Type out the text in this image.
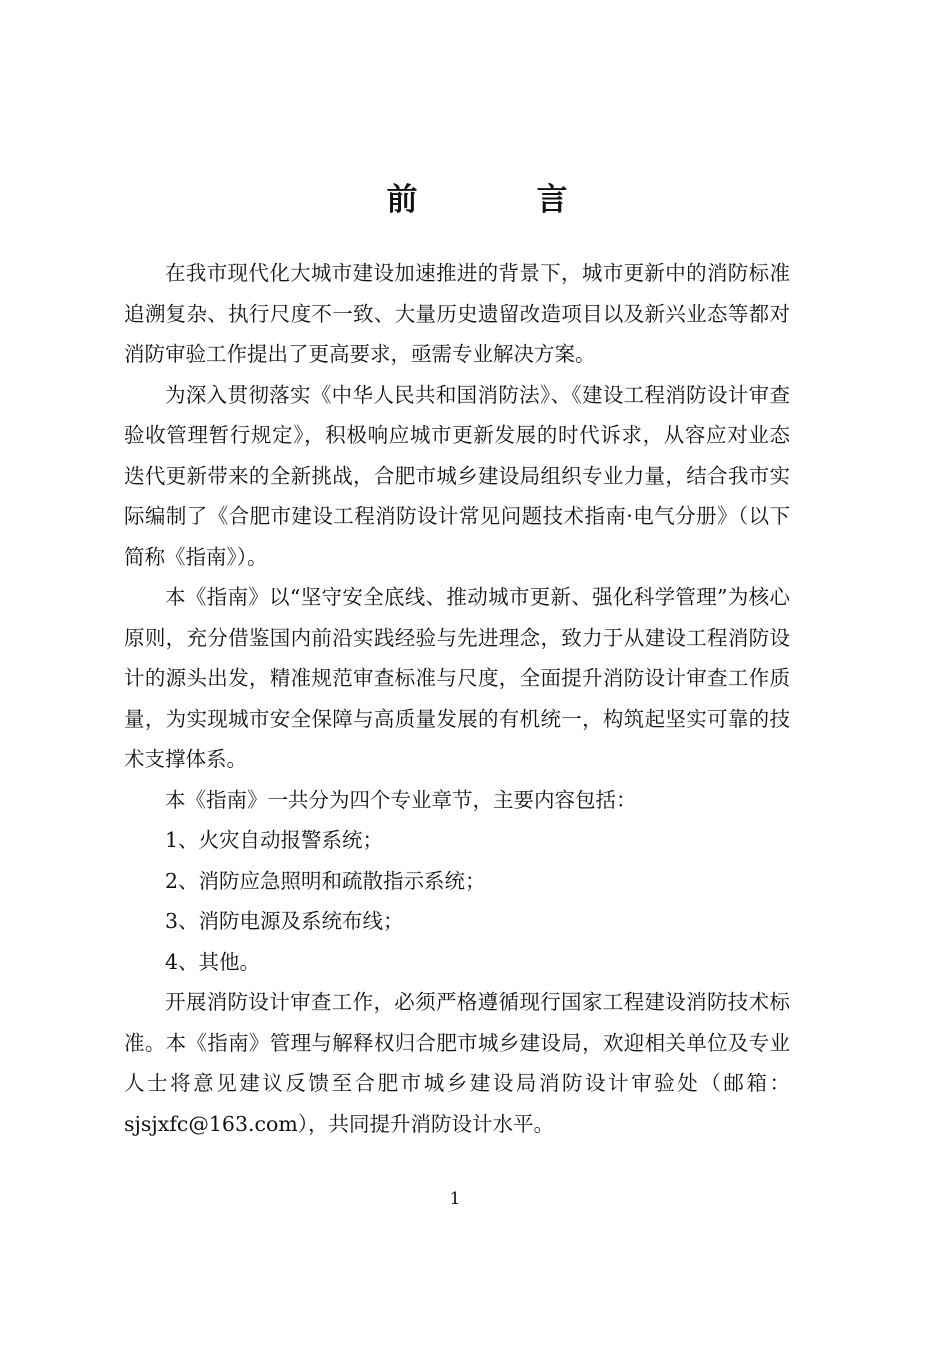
前　言

在我市现代化大城市建设加速推进的背景下，城市更新中的消防标准追溯复杂、执行尺度不一致、大量历史遗留改造项目以及新兴业态等都对消防审验工作提出了更高要求，亟需专业解决方案。

为深入贯彻落实《中华人民共和国消防法》、《建设工程消防设计审查验收管理暂行规定》，积极响应城市更新发展的时代诉求，从容应对业态迭代更新带来的全新挑战，合肥市城乡建设局组织专业力量，结合我市实际编制了《合肥市建设工程消防设计常见问题技术指南·电气分册》（以下简称《指南》）。

本《指南》以“坚守安全底线、推动城市更新、强化科学管理”为核心原则，充分借鉴国内前沿实践经验与先进理念，致力于从建设工程消防设计的源头出发，精准规范审查标准与尺度，全面提升消防设计审查工作质量，为实现城市安全保障与高质量发展的有机统一，构筑起坚实可靠的技术支撑体系。

本《指南》一共分为四个专业章节，主要内容包括：

1、火灾自动报警系统；

2、消防应急照明和疏散指示系统；

3、消防电源及系统布线；

4、其他。

开展消防设计审查工作，必须严格遵循现行国家工程建设消防技术标准。本《指南》管理与解释权归合肥市城乡建设局，欢迎相关单位及专业人士将意见建议反馈至合肥市城乡建设局消防设计审验处（邮箱：sjsjxfc@163.com），共同提升消防设计水平。

1
